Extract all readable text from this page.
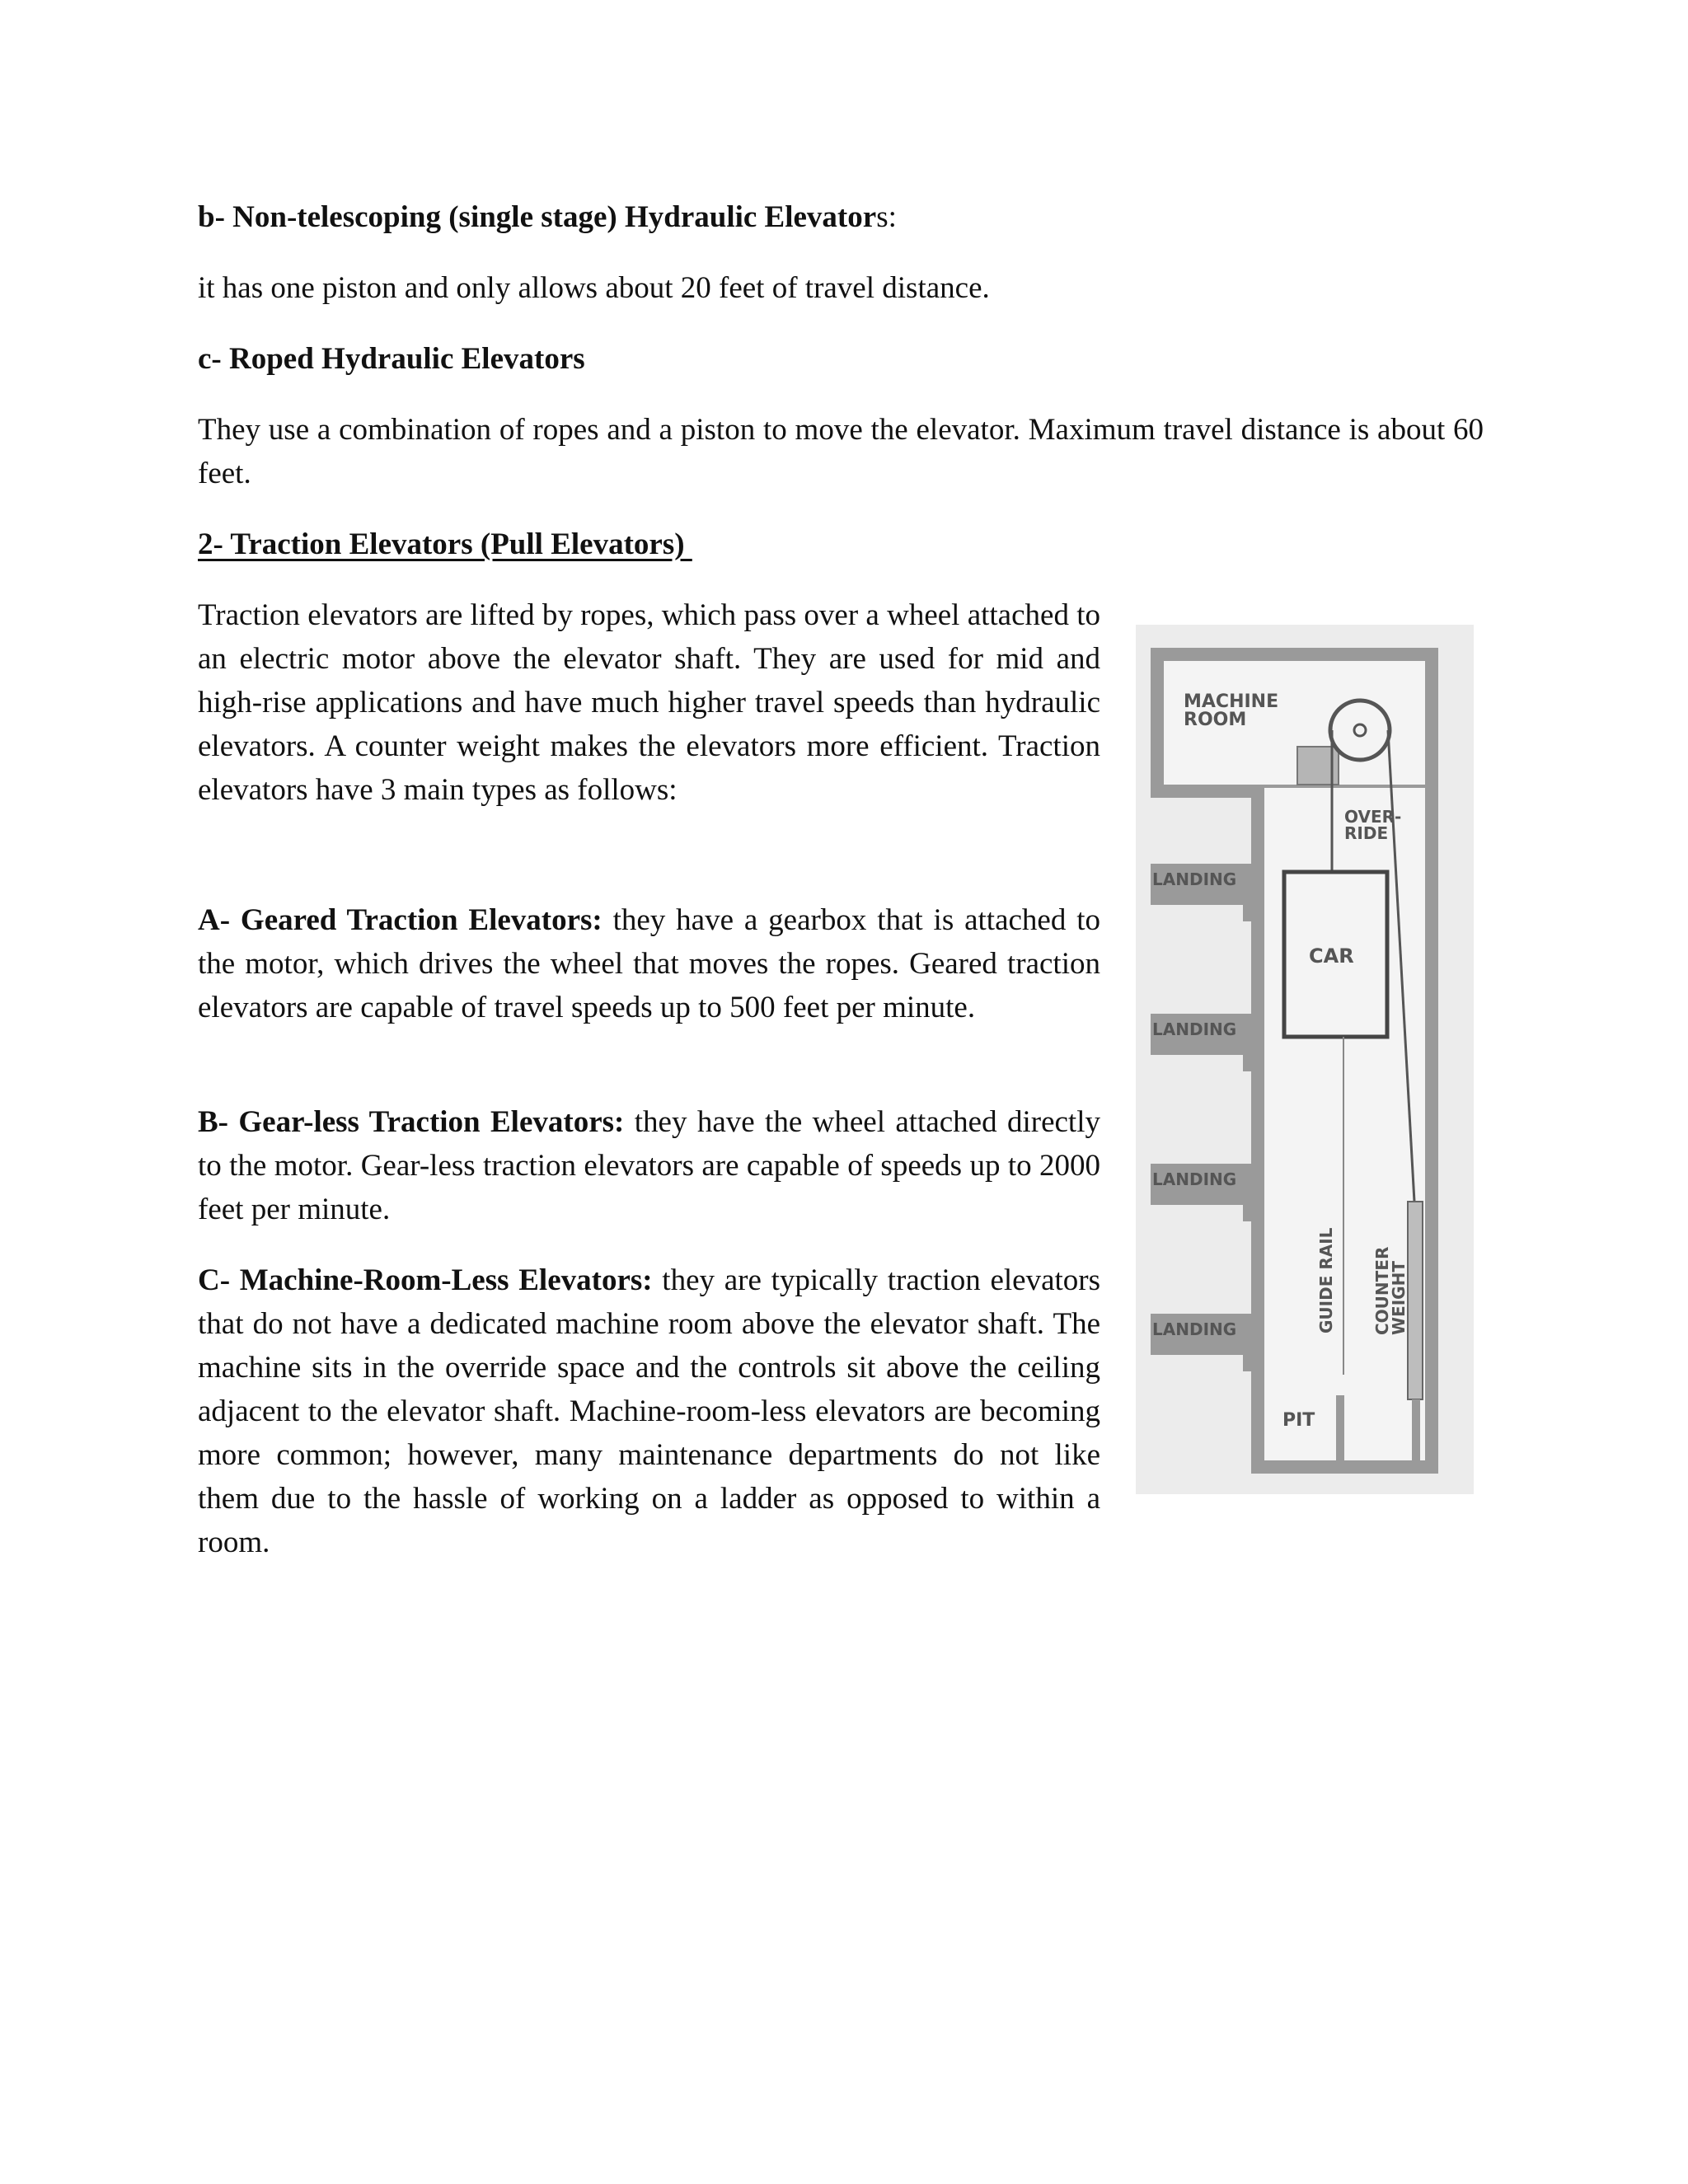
b- Non-telescoping (single stage) Hydraulic Elevators:

it has one piston and only allows about 20 feet of travel distance.

c- Roped Hydraulic Elevators

They use a combination of ropes and a piston to move the elevator. Maximum travel distance is about 60 feet.

2- Traction Elevators (Pull Elevators)

Traction elevators are lifted by ropes, which pass over a wheel attached to an electric motor above the elevator shaft. They are used for mid and high-rise applications and have much higher travel speeds than hydraulic elevators. A counter weight makes the elevators more efficient. Traction elevators have 3 main types as follows:

A- Geared Traction Elevators: they have a gearbox that is attached to the motor, which drives the wheel that moves the ropes. Geared traction elevators are capable of travel speeds up to 500 feet per minute.

B- Gear-less Traction Elevators: they have the wheel attached directly to the motor. Gear-less traction elevators are capable of speeds up to 2000 feet per minute.

C- Machine-Room-Less Elevators: they are typically traction elevators that do not have a dedicated machine room above the elevator shaft. The machine sits in the override space and the controls sit above the ceiling adjacent to the elevator shaft. Machine-room-less elevators are becoming more common; however, many maintenance departments do not like them due to the hassle of working on a ladder as opposed to within a room.

MACHINE
ROOM
OVER-
RIDE
CAR
LANDING
LANDING
LANDING
LANDING	GUIDE RAIL COUNTER
WEIGHT
PIT
